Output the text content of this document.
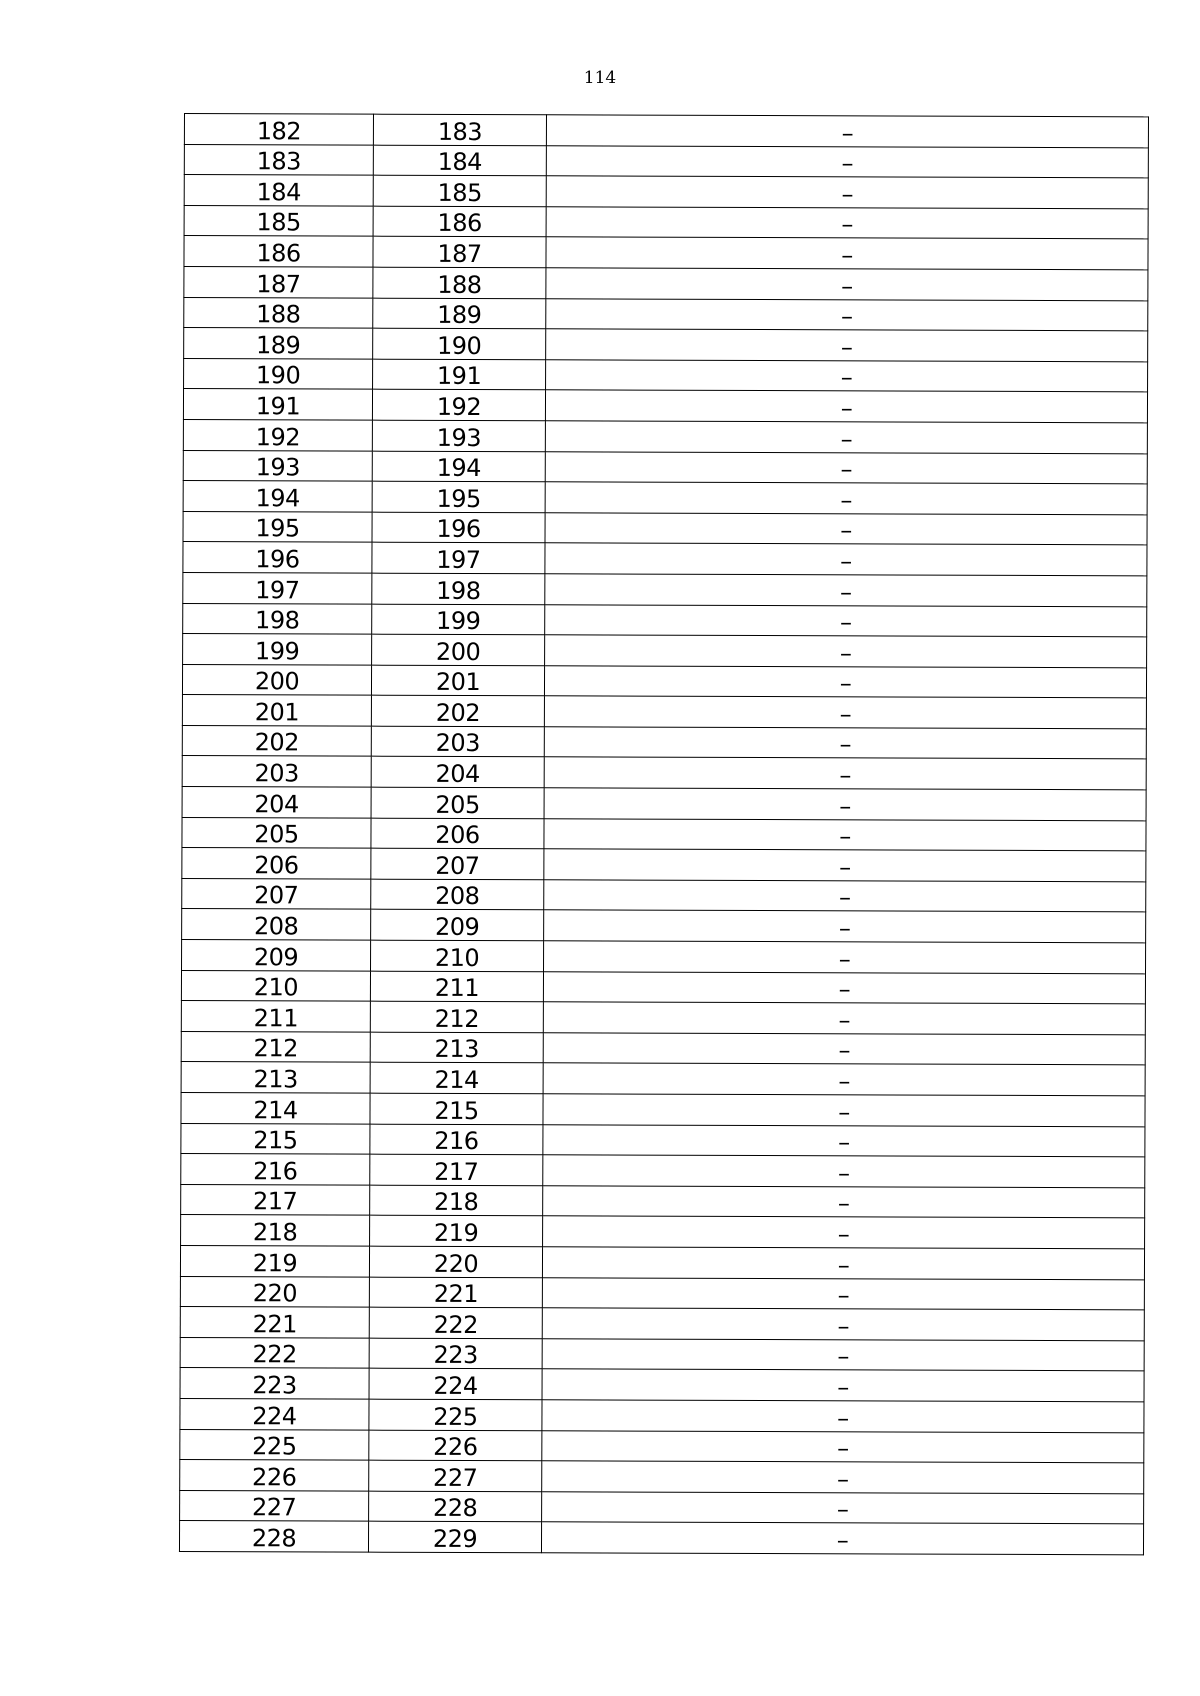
114
182	183	–
183	184	–
184	185	–
185	186	–
186	187	–
187	188	–
188	189	–
189	190	–
190	191	–
191	192	–
192	193	–
193	194	–
194	195	–
195	196	–
196	197	–
197	198	–
198	199	–
199	200	–
200	201	–
201	202	–
202	203	–
203	204	–
204	205	–
205	206	–
206	207	–
207	208	–
208	209	–
209	210	–
210	211	–
211	212	–
212	213	–
213	214	–
214	215	–
215	216	–
216	217	–
217	218	–
218	219	–
219	220	–
220	221	–
221	222	–
222	223	–
223	224	–
224	225	–
225	226	–
226	227	–
227	228	–
228	229	–
